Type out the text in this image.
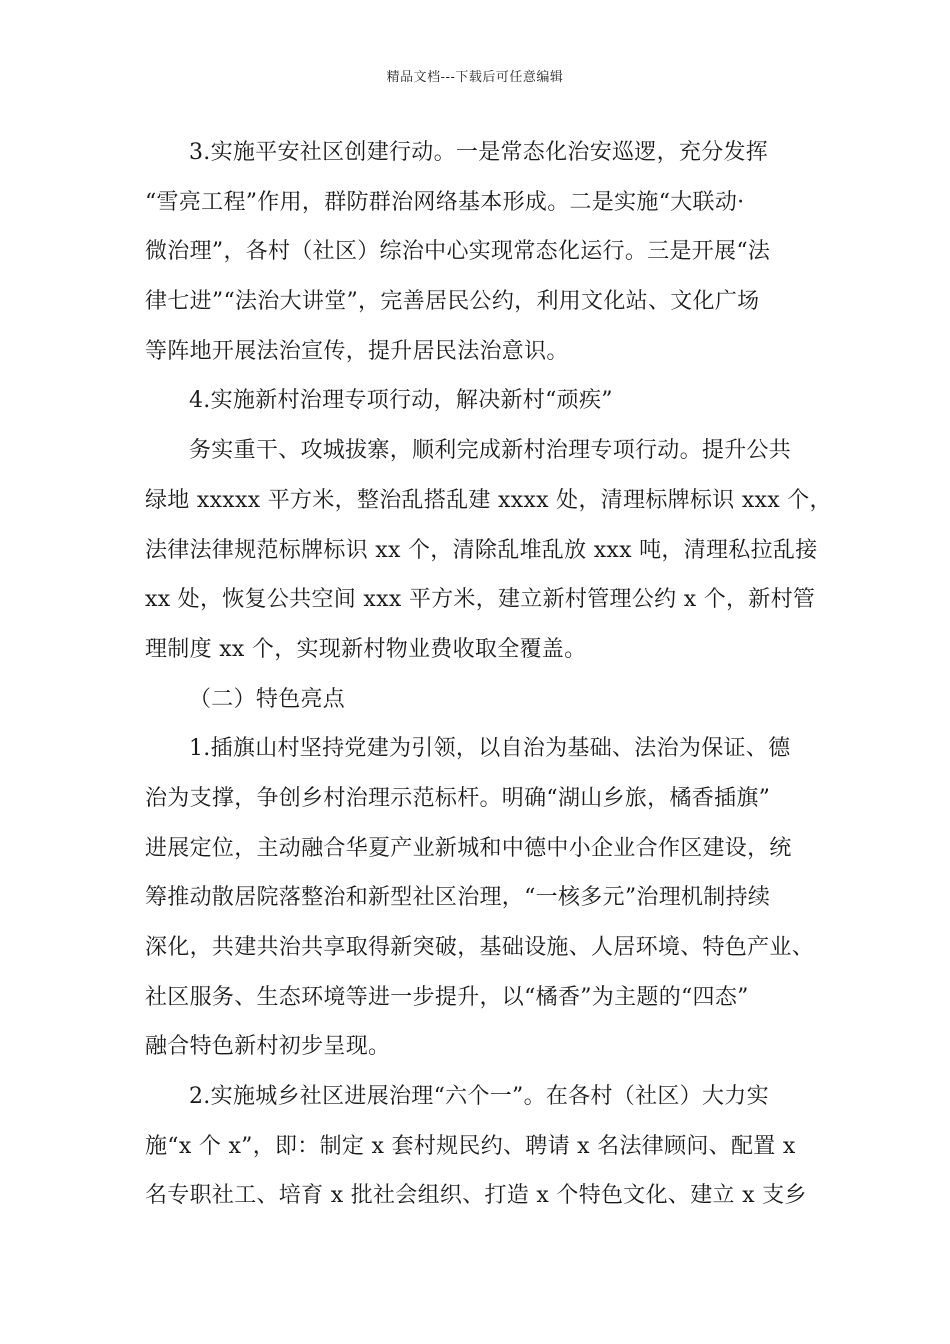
精品文档---下载后可任意编辑
3.实施平安社区创建行动。一是常态化治安巡逻，充分发挥
“雪亮工程”作用，群防群治网络基本形成。二是实施“大联动·
微治理”，各村（社区）综治中心实现常态化运行。三是开展“法
律七进”“法治大讲堂”，完善居民公约，利用文化站、文化广场
等阵地开展法治宣传，提升居民法治意识。
4.实施新村治理专项行动，解决新村“顽疾”
务实重干、攻城拔寨，顺利完成新村治理专项行动。提升公共
绿地 xxxxx 平方米，整治乱搭乱建 xxxx 处，清理标牌标识 xxx 个，
法律法律规范标牌标识 xx 个，清除乱堆乱放 xxx 吨，清理私拉乱接
xx 处，恢复公共空间 xxx 平方米，建立新村管理公约 x 个，新村管
理制度 xx 个，实现新村物业费收取全覆盖。
（二）特色亮点
1.插旗山村坚持党建为引领，以自治为基础、法治为保证、德
治为支撑，争创乡村治理示范标杆。明确“湖山乡旅，橘香插旗”
进展定位，主动融合华夏产业新城和中德中小企业合作区建设，统
筹推动散居院落整治和新型社区治理，“一核多元”治理机制持续
深化，共建共治共享取得新突破，基础设施、人居环境、特色产业、
社区服务、生态环境等进一步提升，以“橘香”为主题的“四态”
融合特色新村初步呈现。
2.实施城乡社区进展治理“六个一”。在各村（社区）大力实
施“x 个 x”，即：制定 x 套村规民约、聘请 x 名法律顾问、配置 x
名专职社工、培育 x 批社会组织、打造 x 个特色文化、建立 x 支乡
